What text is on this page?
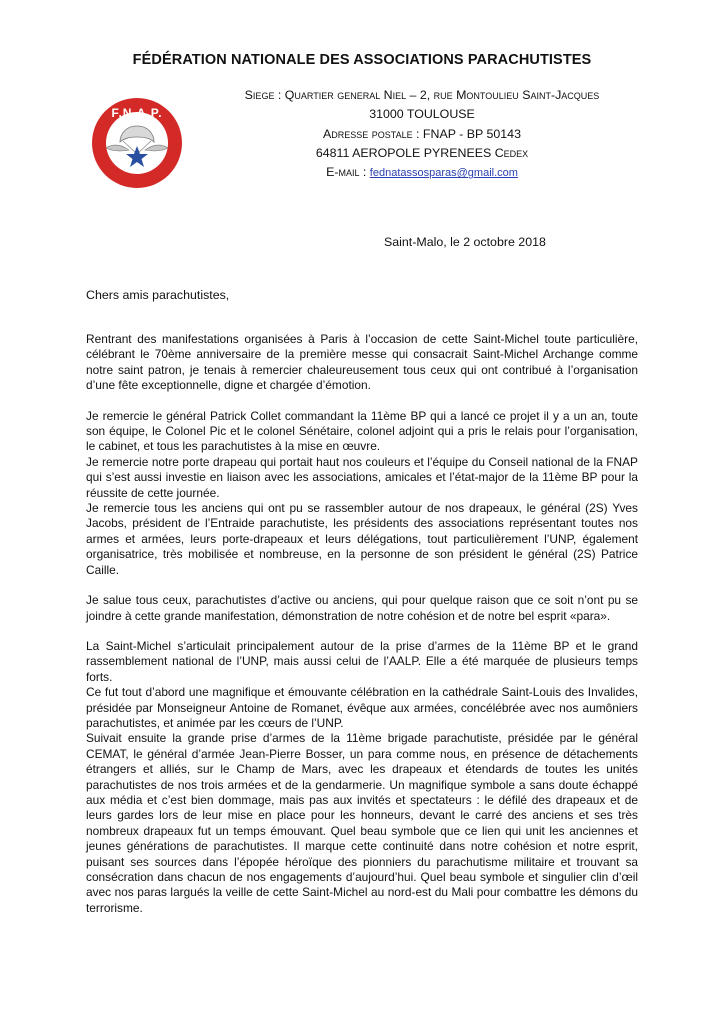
FÉDÉRATION NATIONALE DES ASSOCIATIONS PARACHUTISTES
F.N.A.P.
Siege : Quartier general Niel – 2, rue Montoulieu Saint-Jacques
31000 TOULOUSE
Adresse postale : FNAP - BP 50143
64811 AEROPOLE PYRENEES Cedex
E-mail : fednatassosparas@gmail.com
Saint-Malo, le 2 octobre 2018
Chers amis parachutistes,

Rentrant des manifestations organisées à Paris à l’occasion de cette Saint-Michel toute particulière, célébrant le 70ème anniversaire de la première messe qui consacrait Saint-Michel Archange comme notre saint patron, je tenais à remercier chaleureusement tous ceux qui ont contribué à l’organisation d’une fête exceptionnelle, digne et chargée d’émotion.

Je remercie le général Patrick Collet commandant la 11ème BP qui a lancé ce projet il y a un an, toute son équipe, le Colonel Pic et le colonel Sénétaire, colonel adjoint qui a pris le relais pour l’organisation, le cabinet, et tous les parachutistes à la mise en œuvre.

Je remercie notre porte drapeau qui portait haut nos couleurs et l’équipe du Conseil national de la FNAP qui s’est aussi investie en liaison avec les associations, amicales et l’état-major de la 11ème BP pour la réussite de cette journée.

Je remercie tous les anciens qui ont pu se rassembler autour de nos drapeaux, le général (2S) Yves Jacobs, président de l’Entraide parachutiste, les présidents des associations représentant toutes nos armes et armées, leurs porte-drapeaux et leurs délégations, tout particulièrement l’UNP, également organisatrice, très mobilisée et nombreuse, en la personne de son président le général (2S) Patrice Caille.

Je salue tous ceux, parachutistes d’active ou anciens, qui pour quelque raison que ce soit n’ont pu se joindre à cette grande manifestation, démonstration de notre cohésion et de notre bel esprit «para».

La Saint-Michel s’articulait principalement autour de la prise d’armes de la 11ème BP et le grand rassemblement national de l’UNP, mais aussi celui de l’AALP. Elle a été marquée de plusieurs temps forts.

Ce fut tout d’abord une magnifique et émouvante célébration en la cathédrale Saint-Louis des Invalides, présidée par Monseigneur Antoine de Romanet, évêque aux armées, concélébrée avec nos aumôniers parachutistes, et animée par les cœurs de l’UNP.

Suivait ensuite la grande prise d’armes de la 11ème brigade parachutiste, présidée par le général CEMAT, le général d’armée Jean-Pierre Bosser, un para comme nous, en présence de détachements étrangers et alliés, sur le Champ de Mars, avec les drapeaux et étendards de toutes les unités parachutistes de nos trois armées et de la gendarmerie. Un magnifique symbole a sans doute échappé aux média et c’est bien dommage, mais pas aux invités et spectateurs : le défilé des drapeaux et de leurs gardes lors de leur mise en place pour les honneurs, devant le carré des anciens et ses très nombreux drapeaux fut un temps émouvant. Quel beau symbole que ce lien qui unit les anciennes et jeunes générations de parachutistes. Il marque cette continuité dans notre cohésion et notre esprit, puisant ses sources dans l’épopée héroïque des pionniers du parachutisme militaire et trouvant sa consécration dans chacun de nos engagements d’aujourd’hui. Quel beau symbole et singulier clin d’œil avec nos paras largués la veille de cette Saint-Michel au nord-est du Mali pour combattre les démons du terrorisme.
